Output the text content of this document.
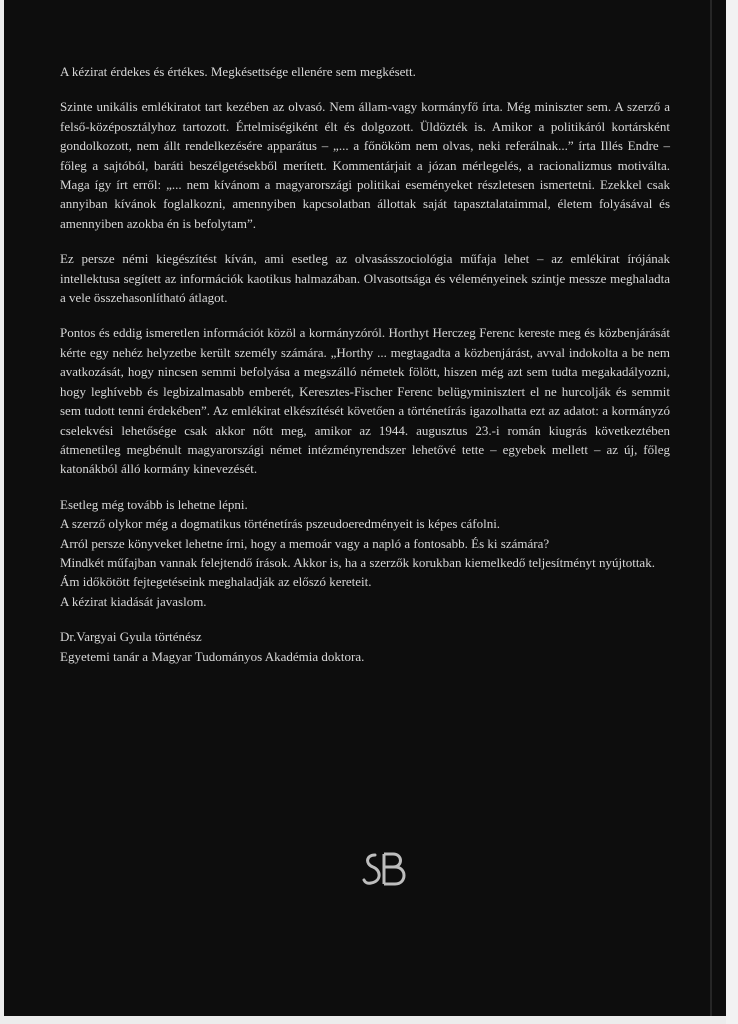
A kézirat érdekes és értékes. Megkésettsége ellenére sem megkésett.

Szinte unikális emlékiratot tart kezében az olvasó. Nem állam-vagy kormányfő írta. Még miniszter sem. A szerző a felső-középosztályhoz tartozott. Értelmiségiként élt és dolgozott. Üldözték is. Amikor a politikáról kortársként gondolkozott, nem állt rendelkezésére apparátus – „... a főnököm nem olvas, neki referálnak...” írta Illés Endre – főleg a sajtóból, baráti beszélgetésekből merített. Kommentárjait a józan mérlegelés, a racionalizmus motiválta. Maga így írt erről: „... nem kívánom a magyarországi politikai eseményeket részletesen ismertetni. Ezekkel csak annyiban kívánok foglalkozni, amennyiben kapcsolatban állottak saját tapasztalataimmal, életem folyásával és amennyiben azokba én is befolytam”.

Ez persze némi kiegészítést kíván, ami esetleg az olvasásszociológia műfaja lehet – az emlékirat írójának intellektusa segített az információk kaotikus halmazában. Olvasottsága és véleményeinek szintje messze meghaladta a vele összehasonlítható átlagot.

Pontos és eddig ismeretlen információt közöl a kormányzóról. Horthyt Herczeg Ferenc kereste meg és közbenjárását kérte egy nehéz helyzetbe került személy számára. „Horthy ... megtagadta a közbenjárást, avval indokolta a be nem avatkozását, hogy nincsen semmi befolyása a megszálló németek fölött, hiszen még azt sem tudta megakadályozni, hogy leghívebb és legbizalmasabb emberét, Keresztes-Fischer Ferenc belügyminisztert el ne hurcolják és semmit sem tudott tenni érdekében”. Az emlékirat elkészítését követően a történetírás igazolhatta ezt az adatot: a kormányzó cselekvési lehetősége csak akkor nőtt meg, amikor az 1944. augusztus 23.-i román kiugrás következtében átmenetileg megbénult magyarországi német intézményrendszer lehetővé tette – egyebek mellett – az új, főleg katonákból álló kormány kinevezését.

Esetleg még tovább is lehetne lépni.
A szerző olykor még a dogmatikus történetírás pszeudoeredményeit is képes cáfolni.
Arról persze könyveket lehetne írni, hogy a memoár vagy a napló a fontosabb. És ki számára?
Mindkét műfajban vannak felejtendő írások. Akkor is, ha a szerzők korukban kiemelkedő teljesítményt nyújtottak.
Ám időkötött fejtegetéseink meghaladják az előszó kereteit.
A kézirat kiadását javaslom.

Dr.Vargyai Gyula történész
Egyetemi tanár a Magyar Tudományos Akadémia doktora.
